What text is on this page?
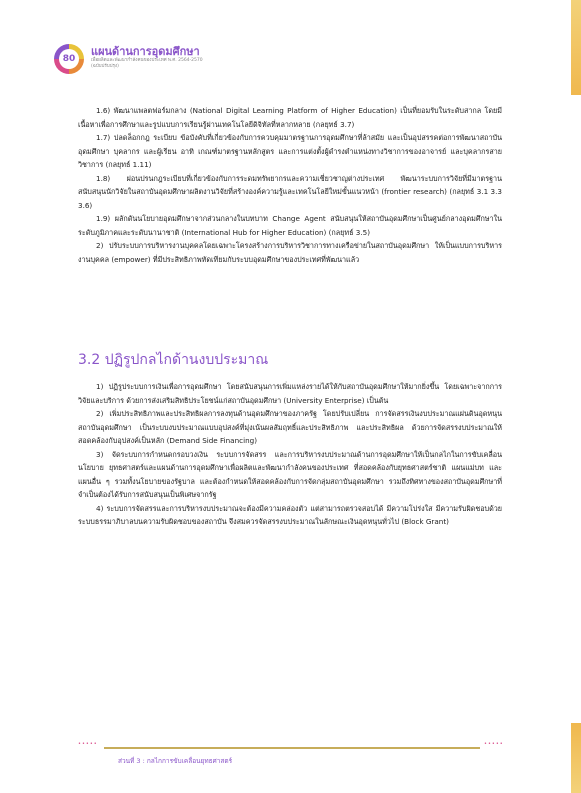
80
แผนด้านการอุดมศึกษา
เพื่อผลิตและพัฒนากำลังคนของประเทศ พ.ศ. 2564-2570
(ฉบับปรับปรุง)

1.6) พัฒนาแพลตฟอร์มกลาง (National Digital Learning Platform of Higher Education) เป็นที่ยอมรับในระดับสากล โดยมีเนื้อหาเพื่อการศึกษาและรูปแบบการเรียนรู้ผ่านเทคโนโลยีดิจิทัลที่หลากหลาย (กลยุทธ์ 3.7)

1.7) ปลดล็อกกฎ ระเบียบ ข้อบังคับที่เกี่ยวข้องกับการควบคุมมาตรฐานการอุดมศึกษาที่ล้าสมัย และเป็นอุปสรรคต่อการพัฒนาสถาบันอุดมศึกษา บุคลากร และผู้เรียน อาทิ เกณฑ์มาตรฐานหลักสูตร และการแต่งตั้งผู้ดำรงตำแหน่งทางวิชาการของอาจารย์ และบุคลากรสายวิชาการ (กลยุทธ์ 1.11)

1.8) ผ่อนปรนกฎระเบียบที่เกี่ยวข้องกับการระดมทรัพยากรและความเชี่ยวชาญต่างประเทศ พัฒนาระบบการวิจัยที่มีมาตรฐาน สนับสนุนนักวิจัยในสถาบันอุดมศึกษาผลิตงานวิจัยที่สร้างองค์ความรู้และเทคโนโลยีใหม่ขั้นแนวหน้า (frontier research) (กลยุทธ์ 3.1 3.3 3.6)

1.9) ผลักดันนโยบายอุดมศึกษาจากส่วนกลางในบทบาท Change Agent สนับสนุนให้สถาบันอุดมศึกษาเป็นศูนย์กลางอุดมศึกษาในระดับภูมิภาคและระดับนานาชาติ (International Hub for Higher Education) (กลยุทธ์ 3.5)

2) ปรับระบบการบริหารงานบุคคลโดยเฉพาะโครงสร้างการบริหารวิชาการทางเครือข่ายในสถาบันอุดมศึกษา ให้เป็นแบบการบริหารงานบุคคล (empower) ที่มีประสิทธิภาพทัดเทียมกับระบบอุดมศึกษาของประเทศที่พัฒนาแล้ว

3.2 ปฏิรูปกลไกด้านงบประมาณ

1) ปฏิรูประบบการเงินเพื่อการอุดมศึกษา โดยสนับสนุนการเพิ่มแหล่งรายได้ให้กับสถาบันอุดมศึกษาให้มากยิ่งขึ้น โดยเฉพาะจากการวิจัยและบริการ ด้วยการส่งเสริมสิทธิประโยชน์แก่สถาบันอุดมศึกษา (University Enterprise) เป็นต้น

2) เพิ่มประสิทธิภาพและประสิทธิผลการลงทุนด้านอุดมศึกษาของภาครัฐ โดยปรับเปลี่ยน การจัดสรรเงินงบประมาณแผ่นดินอุดหนุนสถาบันอุดมศึกษา เป็นระบบงบประมาณแบบอุปสงค์ที่มุ่งเน้นผลสัมฤทธิ์และประสิทธิภาพ และประสิทธิผล ด้วยการจัดสรรงบประมาณให้สอดคล้องกับอุปสงค์เป็นหลัก (Demand Side Financing)

3) จัดระบบการกำหนดกรอบวงเงิน ระบบการจัดสรร และการบริหารงบประมาณด้านการอุดมศึกษาให้เป็นกลไกในการขับเคลื่อนนโยบาย ยุทธศาสตร์และแผนด้านการอุดมศึกษาเพื่อผลิตและพัฒนากำลังคนของประเทศ ที่สอดคล้องกับยุทธศาสตร์ชาติ แผนแม่บท และแผนอื่น ๆ รวมทั้งนโยบายของรัฐบาล และต้องกำหนดให้สอดคล้องกับการจัดกลุ่มสถาบันอุดมศึกษา รวมถึงทิศทางของสถาบันอุดมศึกษาที่จำเป็นต้องได้รับการสนับสนุนเป็นพิเศษจากรัฐ

4) ระบบการจัดสรรและการบริหารงบประมาณจะต้องมีความคล่องตัว แต่สามารถตรวจสอบได้ มีความโปร่งใส มีความรับผิดชอบด้วยระบบธรรมาภิบาลบนความรับผิดชอบของสถาบัน จึงสมควรจัดสรรงบประมาณในลักษณะเงินอุดหนุนทั่วไป (Block Grant)

•••••	•••••
ส่วนที่ 3 : กลไกการขับเคลื่อนยุทธศาสตร์
